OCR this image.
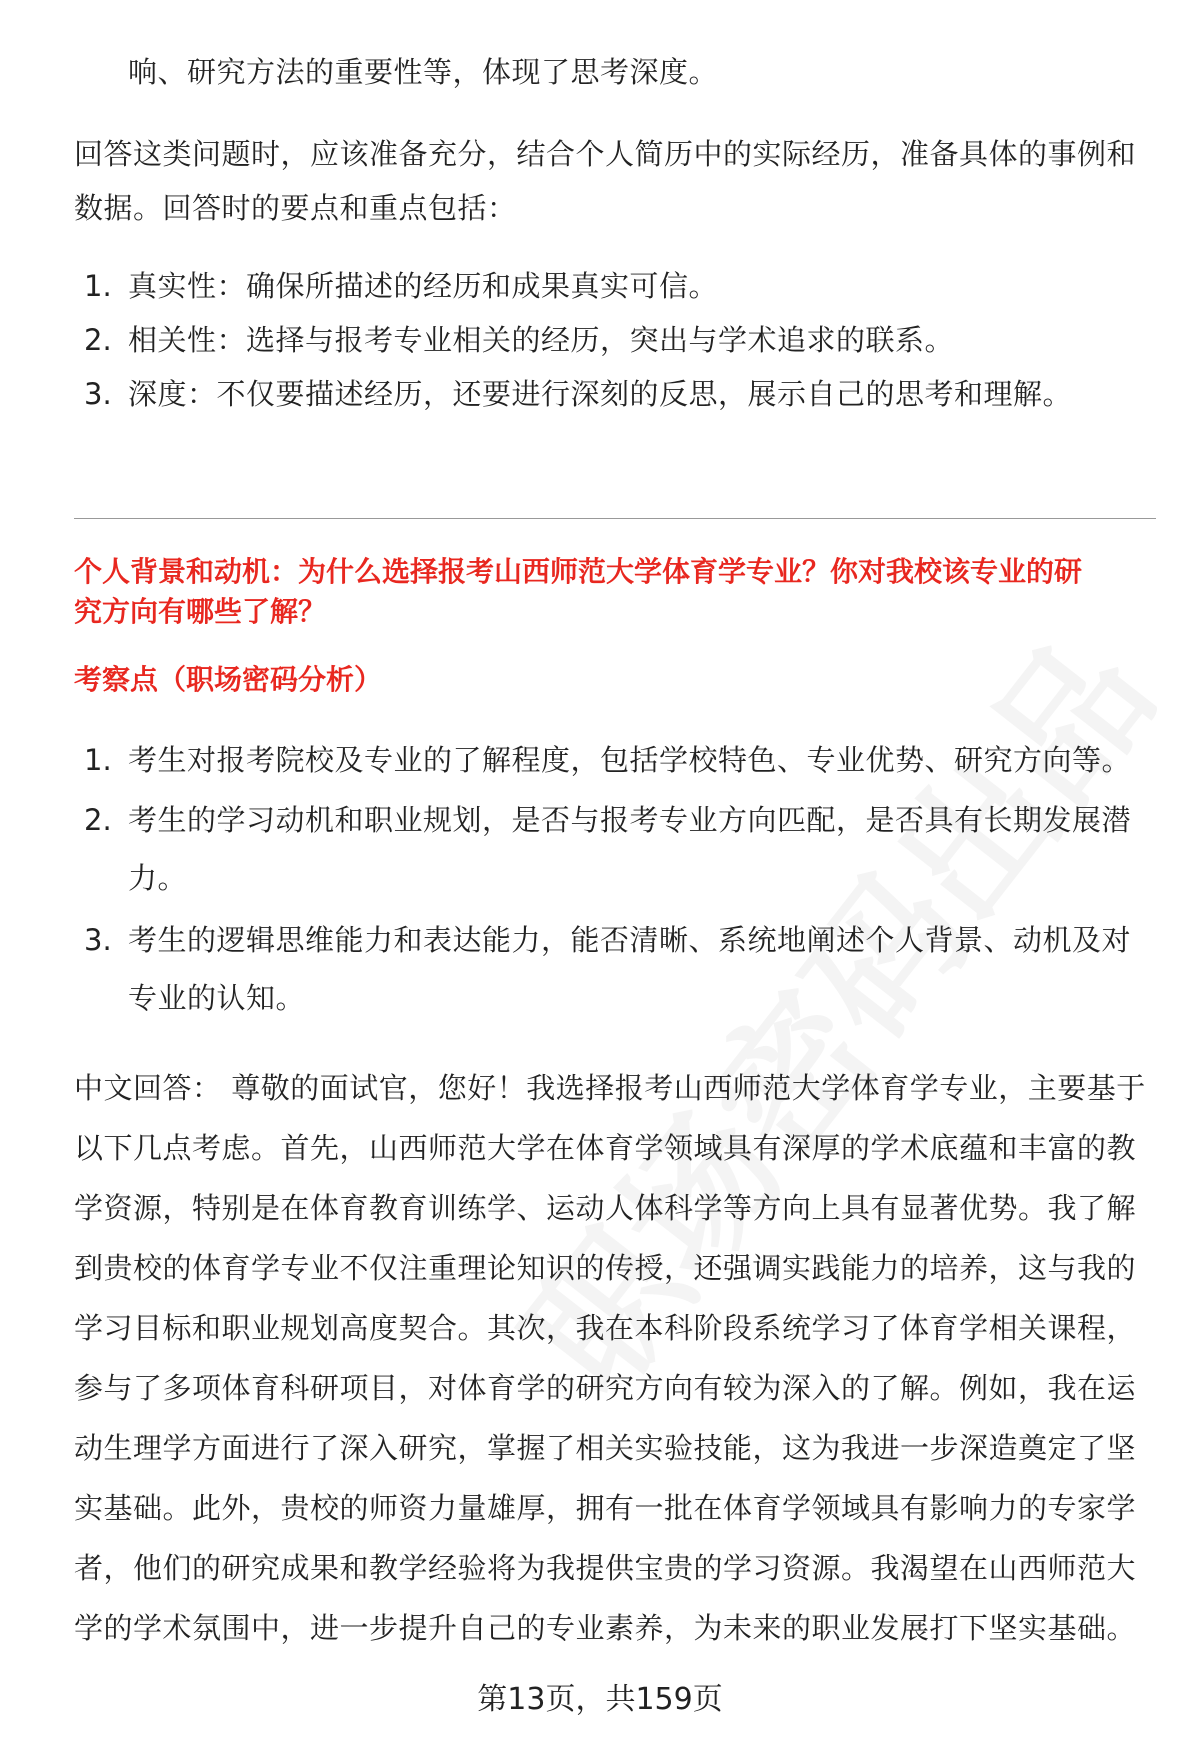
响、研究方法的重要性等，体现了思考深度。
回答这类问题时，应该准备充分，结合个人简历中的实际经历，准备具体的事例和
数据。回答时的要点和重点包括：
1. 真实性：确保所描述的经历和成果真实可信。
2. 相关性：选择与报考专业相关的经历，突出与学术追求的联系。
3. 深度：不仅要描述经历，还要进行深刻的反思，展示自己的思考和理解。
个人背景和动机：为什么选择报考山西师范大学体育学专业？你对我校该专业的研
究方向有哪些了解？
考察点（职场密码分析）
1. 考生对报考院校及专业的了解程度，包括学校特色、专业优势、研究方向等。
2. 考生的学习动机和职业规划，是否与报考专业方向匹配，是否具有长期发展潜
力。
3. 考生的逻辑思维能力和表达能力，能否清晰、系统地阐述个人背景、动机及对
专业的认知。
中文回答： 尊敬的面试官，您好！我选择报考山西师范大学体育学专业，主要基于
以下几点考虑。首先，山西师范大学在体育学领域具有深厚的学术底蕴和丰富的教
学资源，特别是在体育教育训练学、运动人体科学等方向上具有显著优势。我了解
到贵校的体育学专业不仅注重理论知识的传授，还强调实践能力的培养，这与我的
学习目标和职业规划高度契合。其次，我在本科阶段系统学习了体育学相关课程，
参与了多项体育科研项目，对体育学的研究方向有较为深入的了解。例如，我在运
动生理学方面进行了深入研究，掌握了相关实验技能，这为我进一步深造奠定了坚
实基础。此外，贵校的师资力量雄厚，拥有一批在体育学领域具有影响力的专家学
者，他们的研究成果和教学经验将为我提供宝贵的学习资源。我渴望在山西师范大
学的学术氛围中，进一步提升自己的专业素养，为未来的职业发展打下坚实基础。
第13页，共159页
